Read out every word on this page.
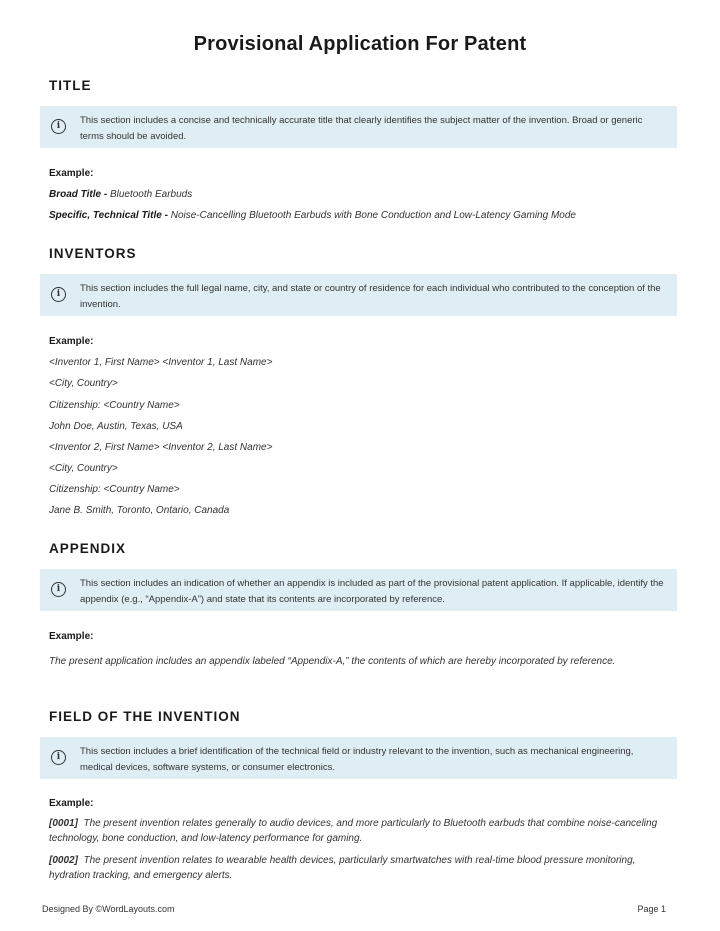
Provisional Application For Patent
TITLE
i	This section includes a concise and technically accurate title that clearly identifies the subject matter of the invention. Broad or generic terms should be avoided.
Example:
Broad Title - Bluetooth Earbuds
Specific, Technical Title - Noise-Cancelling Bluetooth Earbuds with Bone Conduction and Low-Latency Gaming Mode
INVENTORS
i	This section includes the full legal name, city, and state or country of residence for each individual who contributed to the conception of the invention.
Example:
<Inventor 1, First Name> <Inventor 1, Last Name>
<City, Country>
Citizenship: <Country Name>
John Doe, Austin, Texas, USA
<Inventor 2, First Name> <Inventor 2, Last Name>
<City, Country>
Citizenship: <Country Name>
Jane B. Smith, Toronto, Ontario, Canada
APPENDIX
i	This section includes an indication of whether an appendix is included as part of the provisional patent application. If applicable, identify the appendix (e.g., “Appendix-A”) and state that its contents are incorporated by reference.
Example:
The present application includes an appendix labeled “Appendix-A,” the contents of which are hereby incorporated by reference.
FIELD OF THE INVENTION
i	This section includes a brief identification of the technical field or industry relevant to the invention, such as mechanical engineering, medical devices, software systems, or consumer electronics.
Example:
[0001] The present invention relates generally to audio devices, and more particularly to Bluetooth earbuds that combine noise-canceling technology, bone conduction, and low-latency performance for gaming.
[0002] The present invention relates to wearable health devices, particularly smartwatches with real-time blood pressure monitoring, hydration tracking, and emergency alerts.
Designed By ©WordLayouts.com	Page 1
